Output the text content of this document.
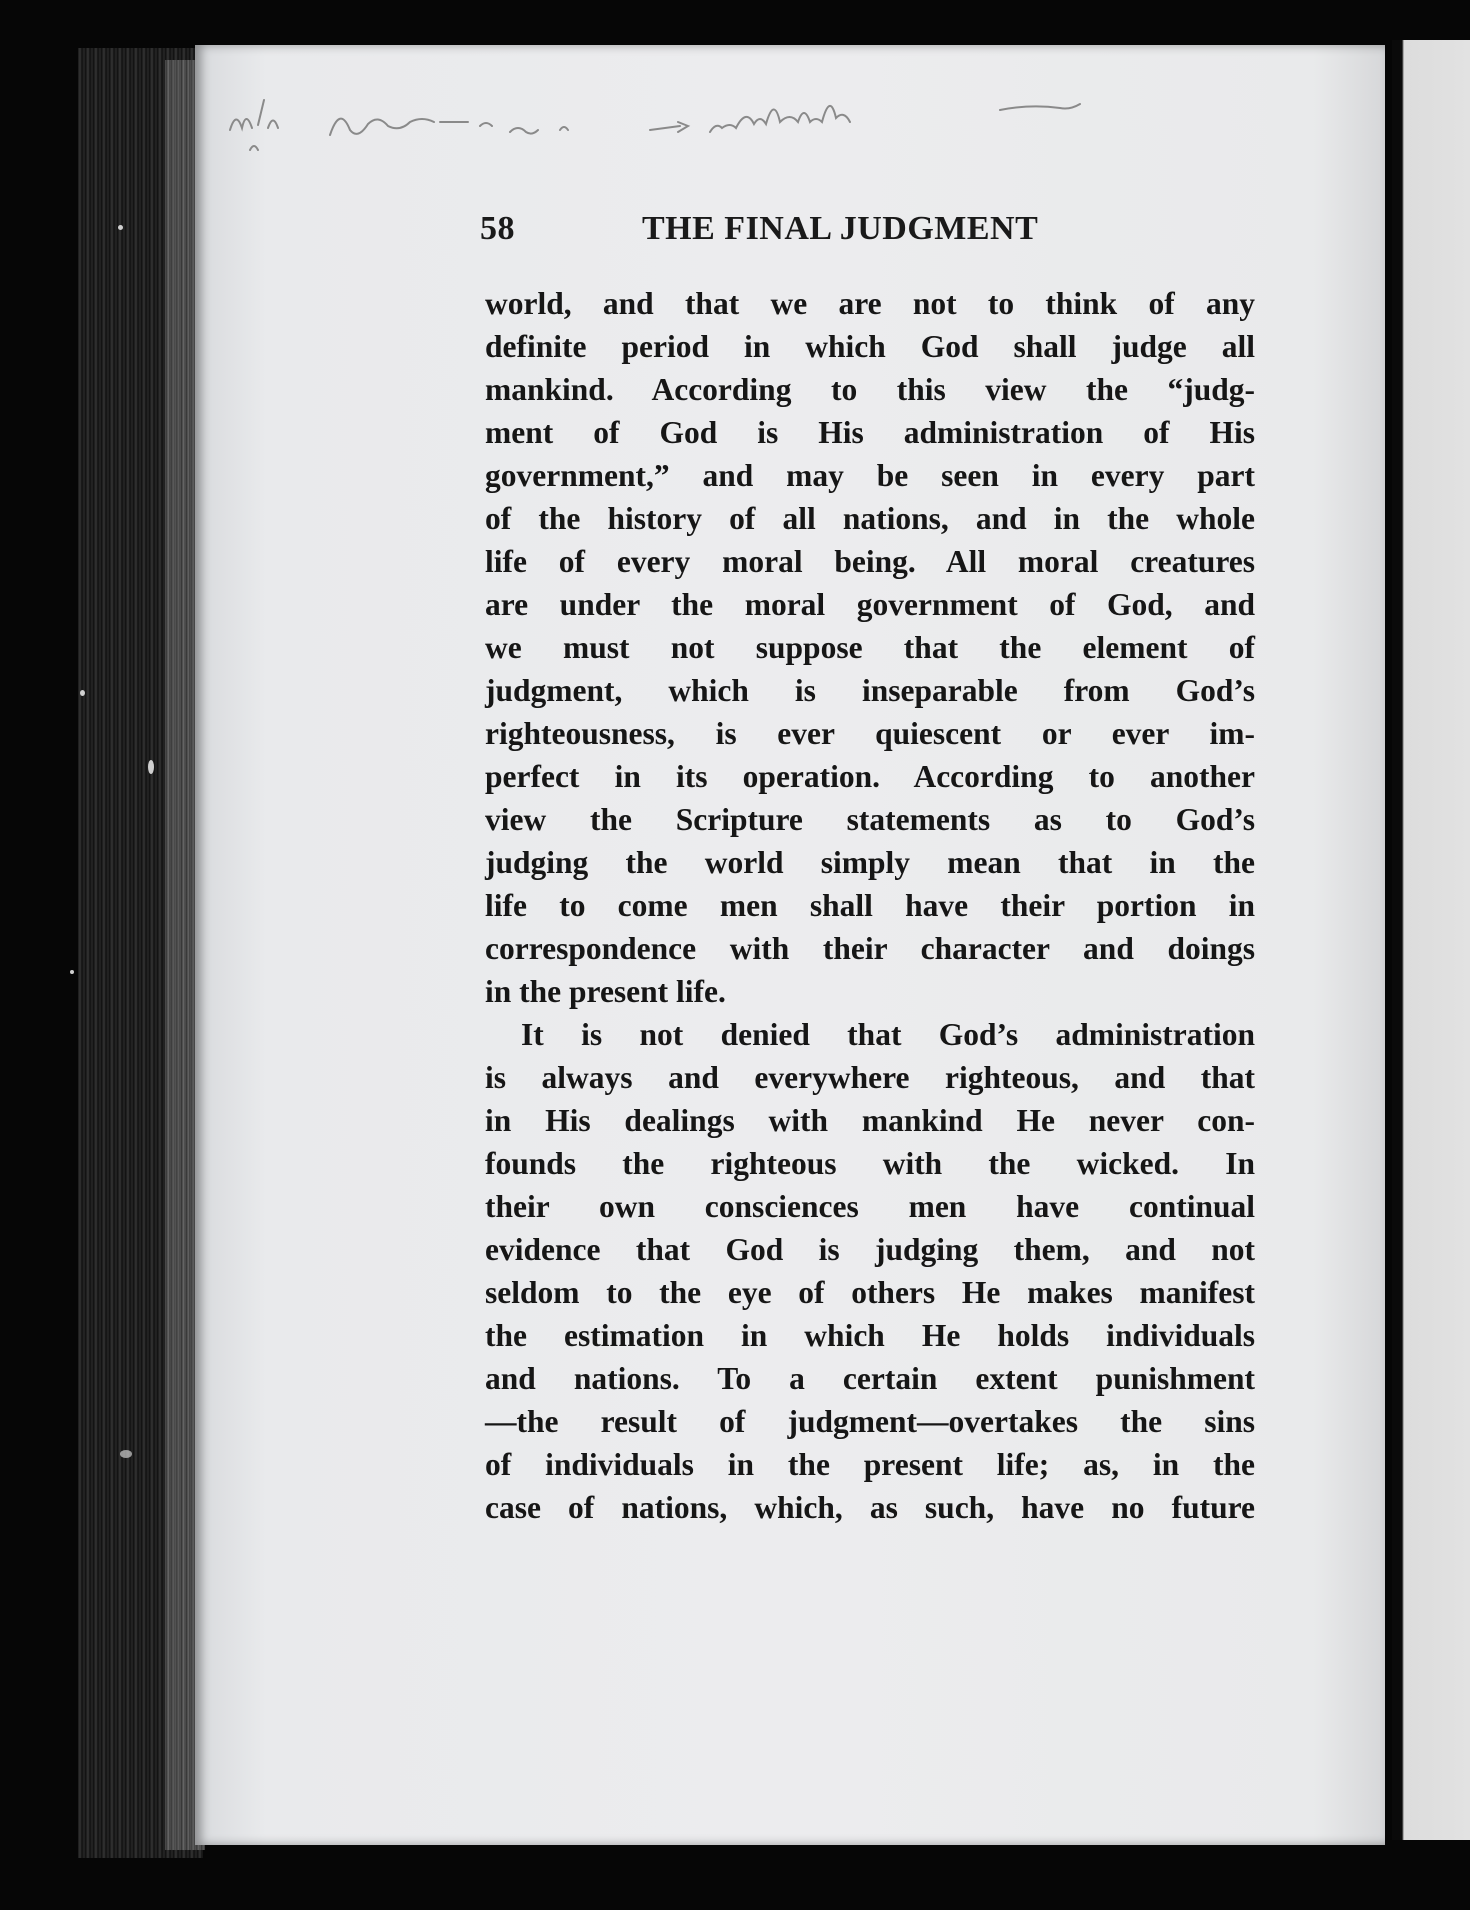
58	THE FINAL JUDGMENT
world, and that we are not to think of any
definite period in which God shall judge all
mankind. According to this view the “judg-
ment of God is His administration of His
government,” and may be seen in every part
of the history of all nations, and in the whole
life of every moral being. All moral creatures
are under the moral government of God, and
we must not suppose that the element of
judgment, which is inseparable from God’s
righteousness, is ever quiescent or ever im-
perfect in its operation. According to another
view the Scripture statements as to God’s
judging the world simply mean that in the
life to come men shall have their portion in
correspondence with their character and doings
in the present life.
It is not denied that God’s administration
is always and everywhere righteous, and that
in His dealings with mankind He never con-
founds the righteous with the wicked. In
their own consciences men have continual
evidence that God is judging them, and not
seldom to the eye of others He makes manifest
the estimation in which He holds individuals
and nations. To a certain extent punishment
—the result of judgment—overtakes the sins
of individuals in the present life; as, in the
case of nations, which, as such, have no future
